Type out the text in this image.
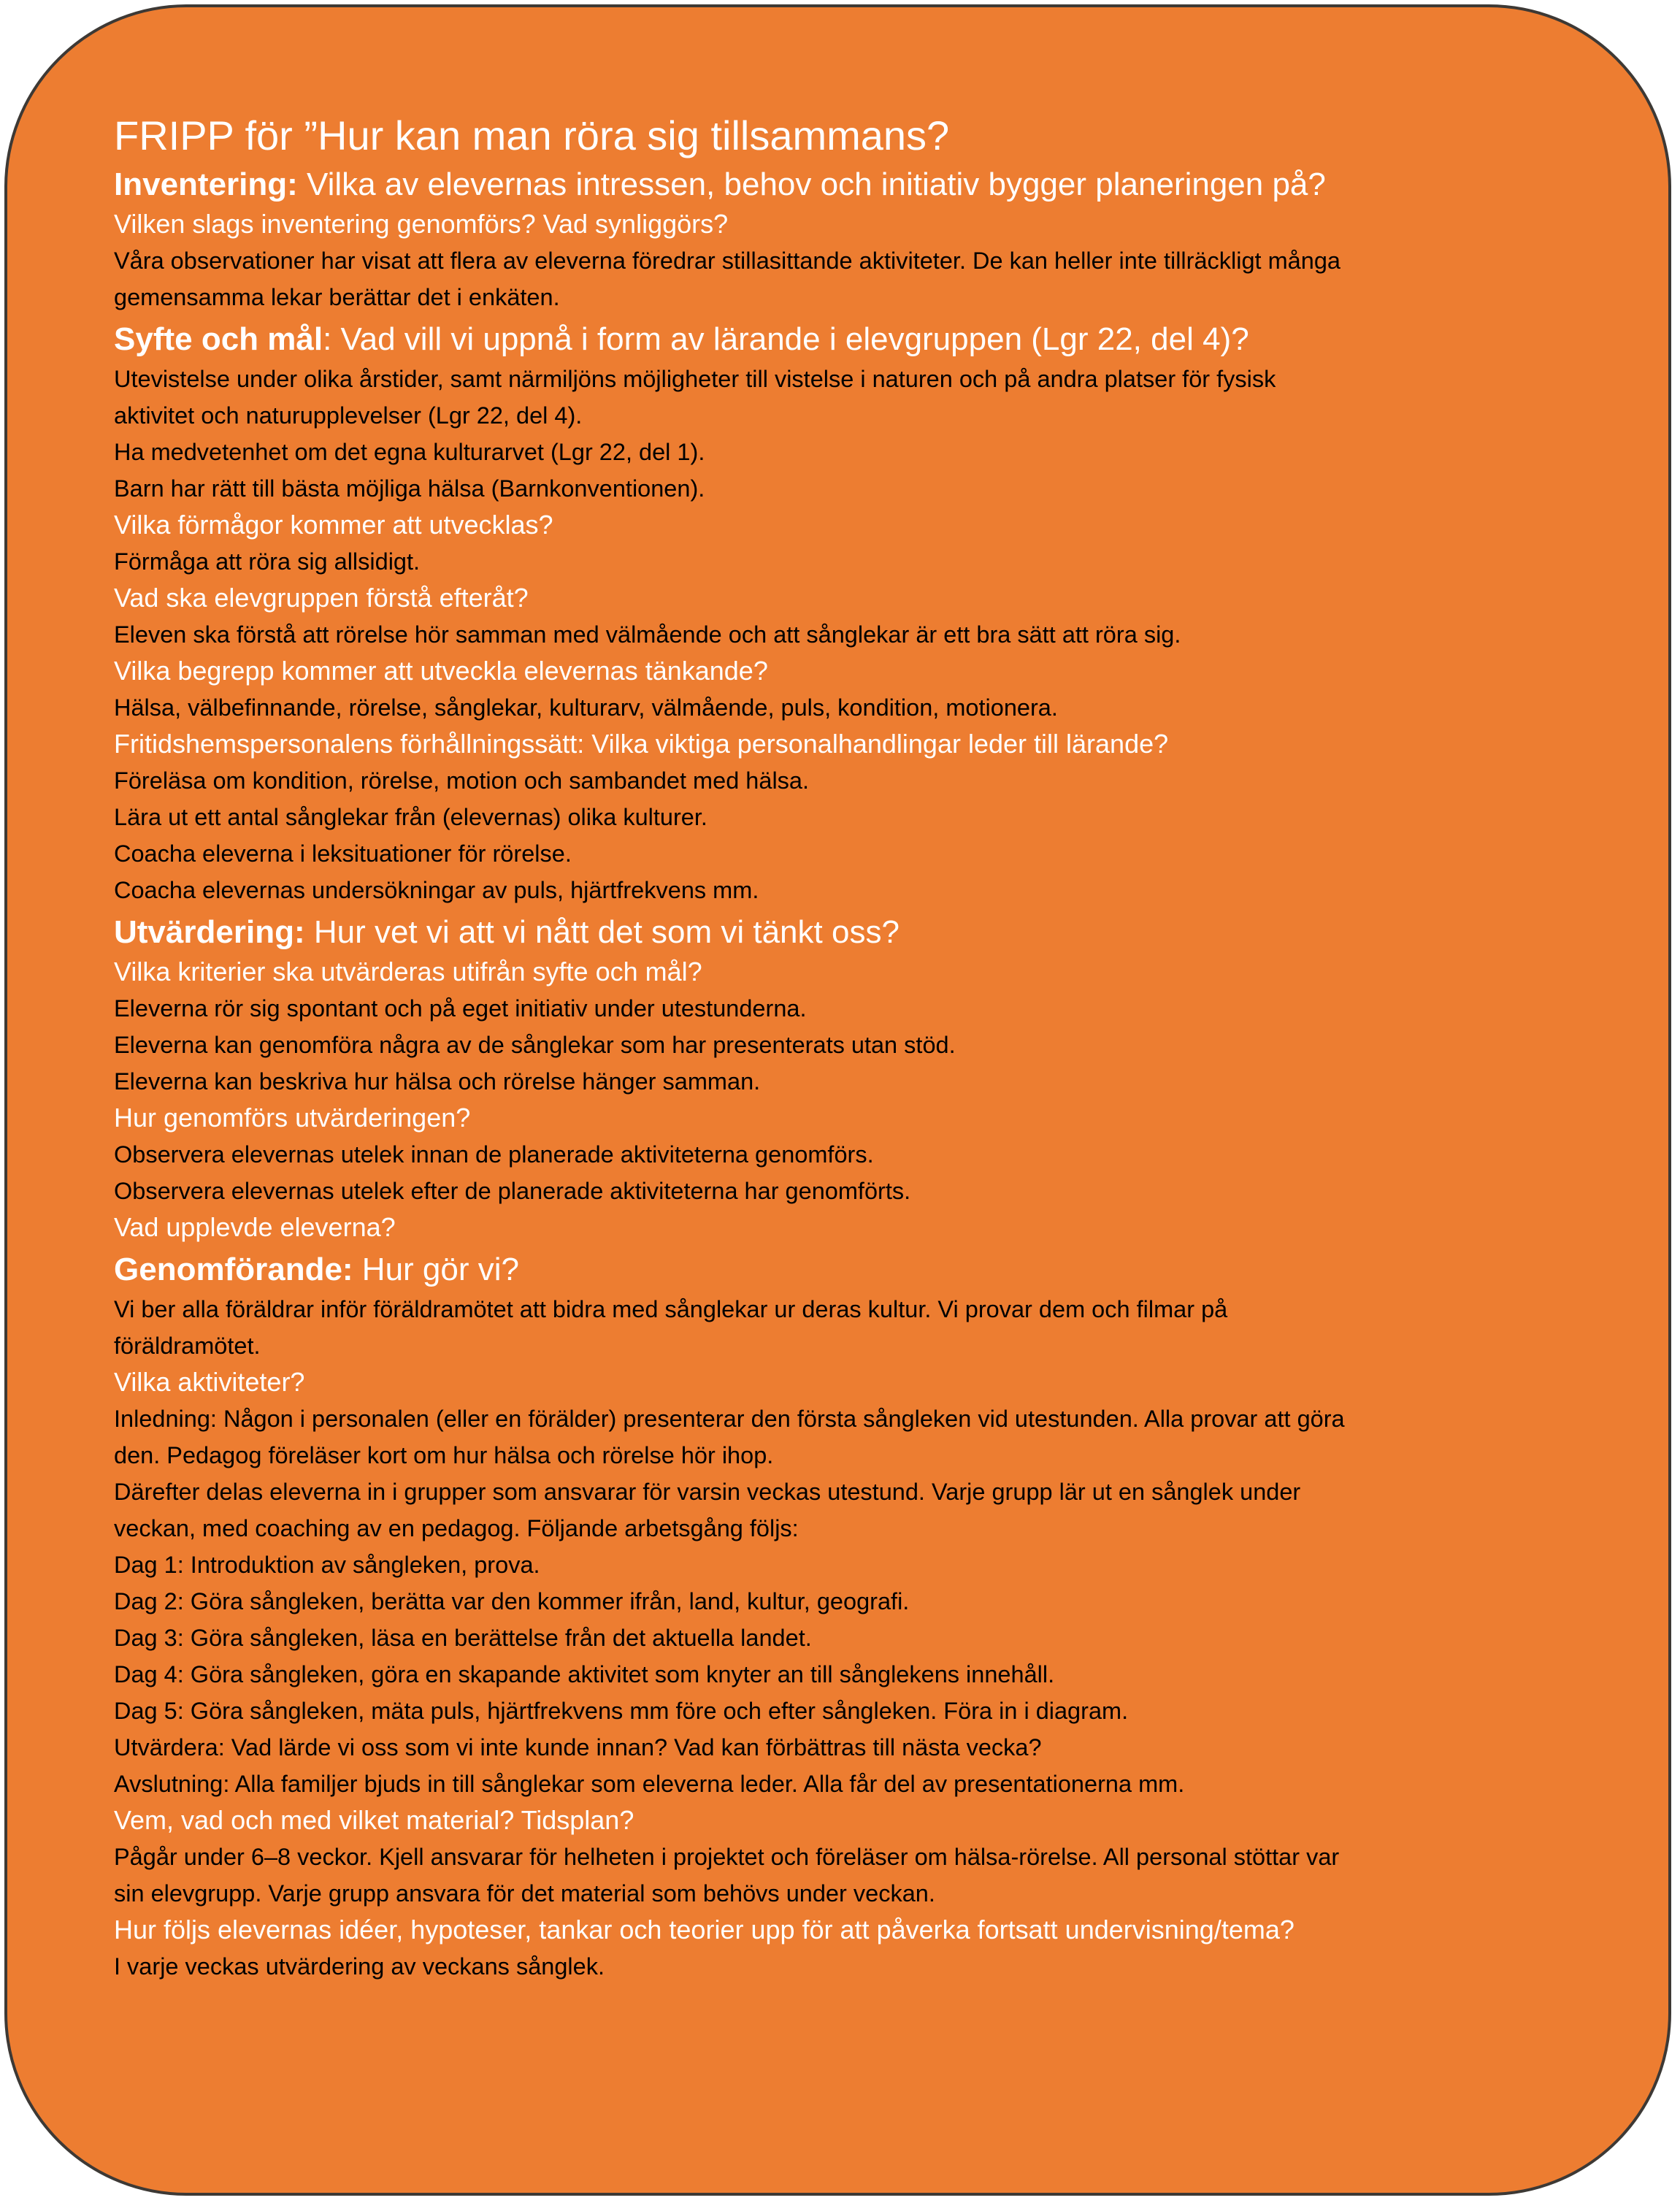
FRIPP för ”Hur kan man röra sig tillsammans?
Inventering: Vilka av elevernas intressen, behov och initiativ bygger planeringen på?
Vilken slags inventering genomförs? Vad synliggörs?
Våra observationer har visat att flera av eleverna föredrar stillasittande aktiviteter. De kan heller inte tillräckligt många
gemensamma lekar berättar det i enkäten.
Syfte och mål: Vad vill vi uppnå i form av lärande i elevgruppen (Lgr 22, del 4)?
Utevistelse under olika årstider, samt närmiljöns möjligheter till vistelse i naturen och på andra platser för fysisk
aktivitet och naturupplevelser (Lgr 22, del 4).
Ha medvetenhet om det egna kulturarvet (Lgr 22, del 1).
Barn har rätt till bästa möjliga hälsa (Barnkonventionen).
Vilka förmågor kommer att utvecklas?
Förmåga att röra sig allsidigt.
Vad ska elevgruppen förstå efteråt?
Eleven ska förstå att rörelse hör samman med välmående och att sånglekar är ett bra sätt att röra sig.
Vilka begrepp kommer att utveckla elevernas tänkande?
Hälsa, välbefinnande, rörelse, sånglekar, kulturarv, välmående, puls, kondition, motionera.
Fritidshemspersonalens förhållningssätt: Vilka viktiga personalhandlingar leder till lärande?
Föreläsa om kondition, rörelse, motion och sambandet med hälsa.
Lära ut ett antal sånglekar från (elevernas) olika kulturer.
Coacha eleverna i leksituationer för rörelse.
Coacha elevernas undersökningar av puls, hjärtfrekvens mm.
Utvärdering: Hur vet vi att vi nått det som vi tänkt oss?
Vilka kriterier ska utvärderas utifrån syfte och mål?
Eleverna rör sig spontant och på eget initiativ under utestunderna.
Eleverna kan genomföra några av de sånglekar som har presenterats utan stöd.
Eleverna kan beskriva hur hälsa och rörelse hänger samman.
Hur genomförs utvärderingen?
Observera elevernas utelek innan de planerade aktiviteterna genomförs.
Observera elevernas utelek efter de planerade aktiviteterna har genomförts.
Vad upplevde eleverna?
Genomförande: Hur gör vi?
Vi ber alla föräldrar inför föräldramötet att bidra med sånglekar ur deras kultur. Vi provar dem och filmar på
föräldramötet.
Vilka aktiviteter?
Inledning: Någon i personalen (eller en förälder) presenterar den första sångleken vid utestunden. Alla provar att göra
den. Pedagog föreläser kort om hur hälsa och rörelse hör ihop.
Därefter delas eleverna in i grupper som ansvarar för varsin veckas utestund. Varje grupp lär ut en sånglek under
veckan, med coaching av en pedagog. Följande arbetsgång följs:
Dag 1: Introduktion av sångleken, prova.
Dag 2: Göra sångleken, berätta var den kommer ifrån, land, kultur, geografi.
Dag 3: Göra sångleken, läsa en berättelse från det aktuella landet.
Dag 4: Göra sångleken, göra en skapande aktivitet som knyter an till sånglekens innehåll.
Dag 5: Göra sångleken, mäta puls, hjärtfrekvens mm före och efter sångleken. Föra in i diagram.
Utvärdera: Vad lärde vi oss som vi inte kunde innan? Vad kan förbättras till nästa vecka?
Avslutning: Alla familjer bjuds in till sånglekar som eleverna leder. Alla får del av presentationerna mm.
Vem, vad och med vilket material? Tidsplan?
Pågår under 6–8 veckor. Kjell ansvarar för helheten i projektet och föreläser om hälsa-rörelse. All personal stöttar var
sin elevgrupp. Varje grupp ansvara för det material som behövs under veckan.
Hur följs elevernas idéer, hypoteser, tankar och teorier upp för att påverka fortsatt undervisning/tema?
I varje veckas utvärdering av veckans sånglek.
